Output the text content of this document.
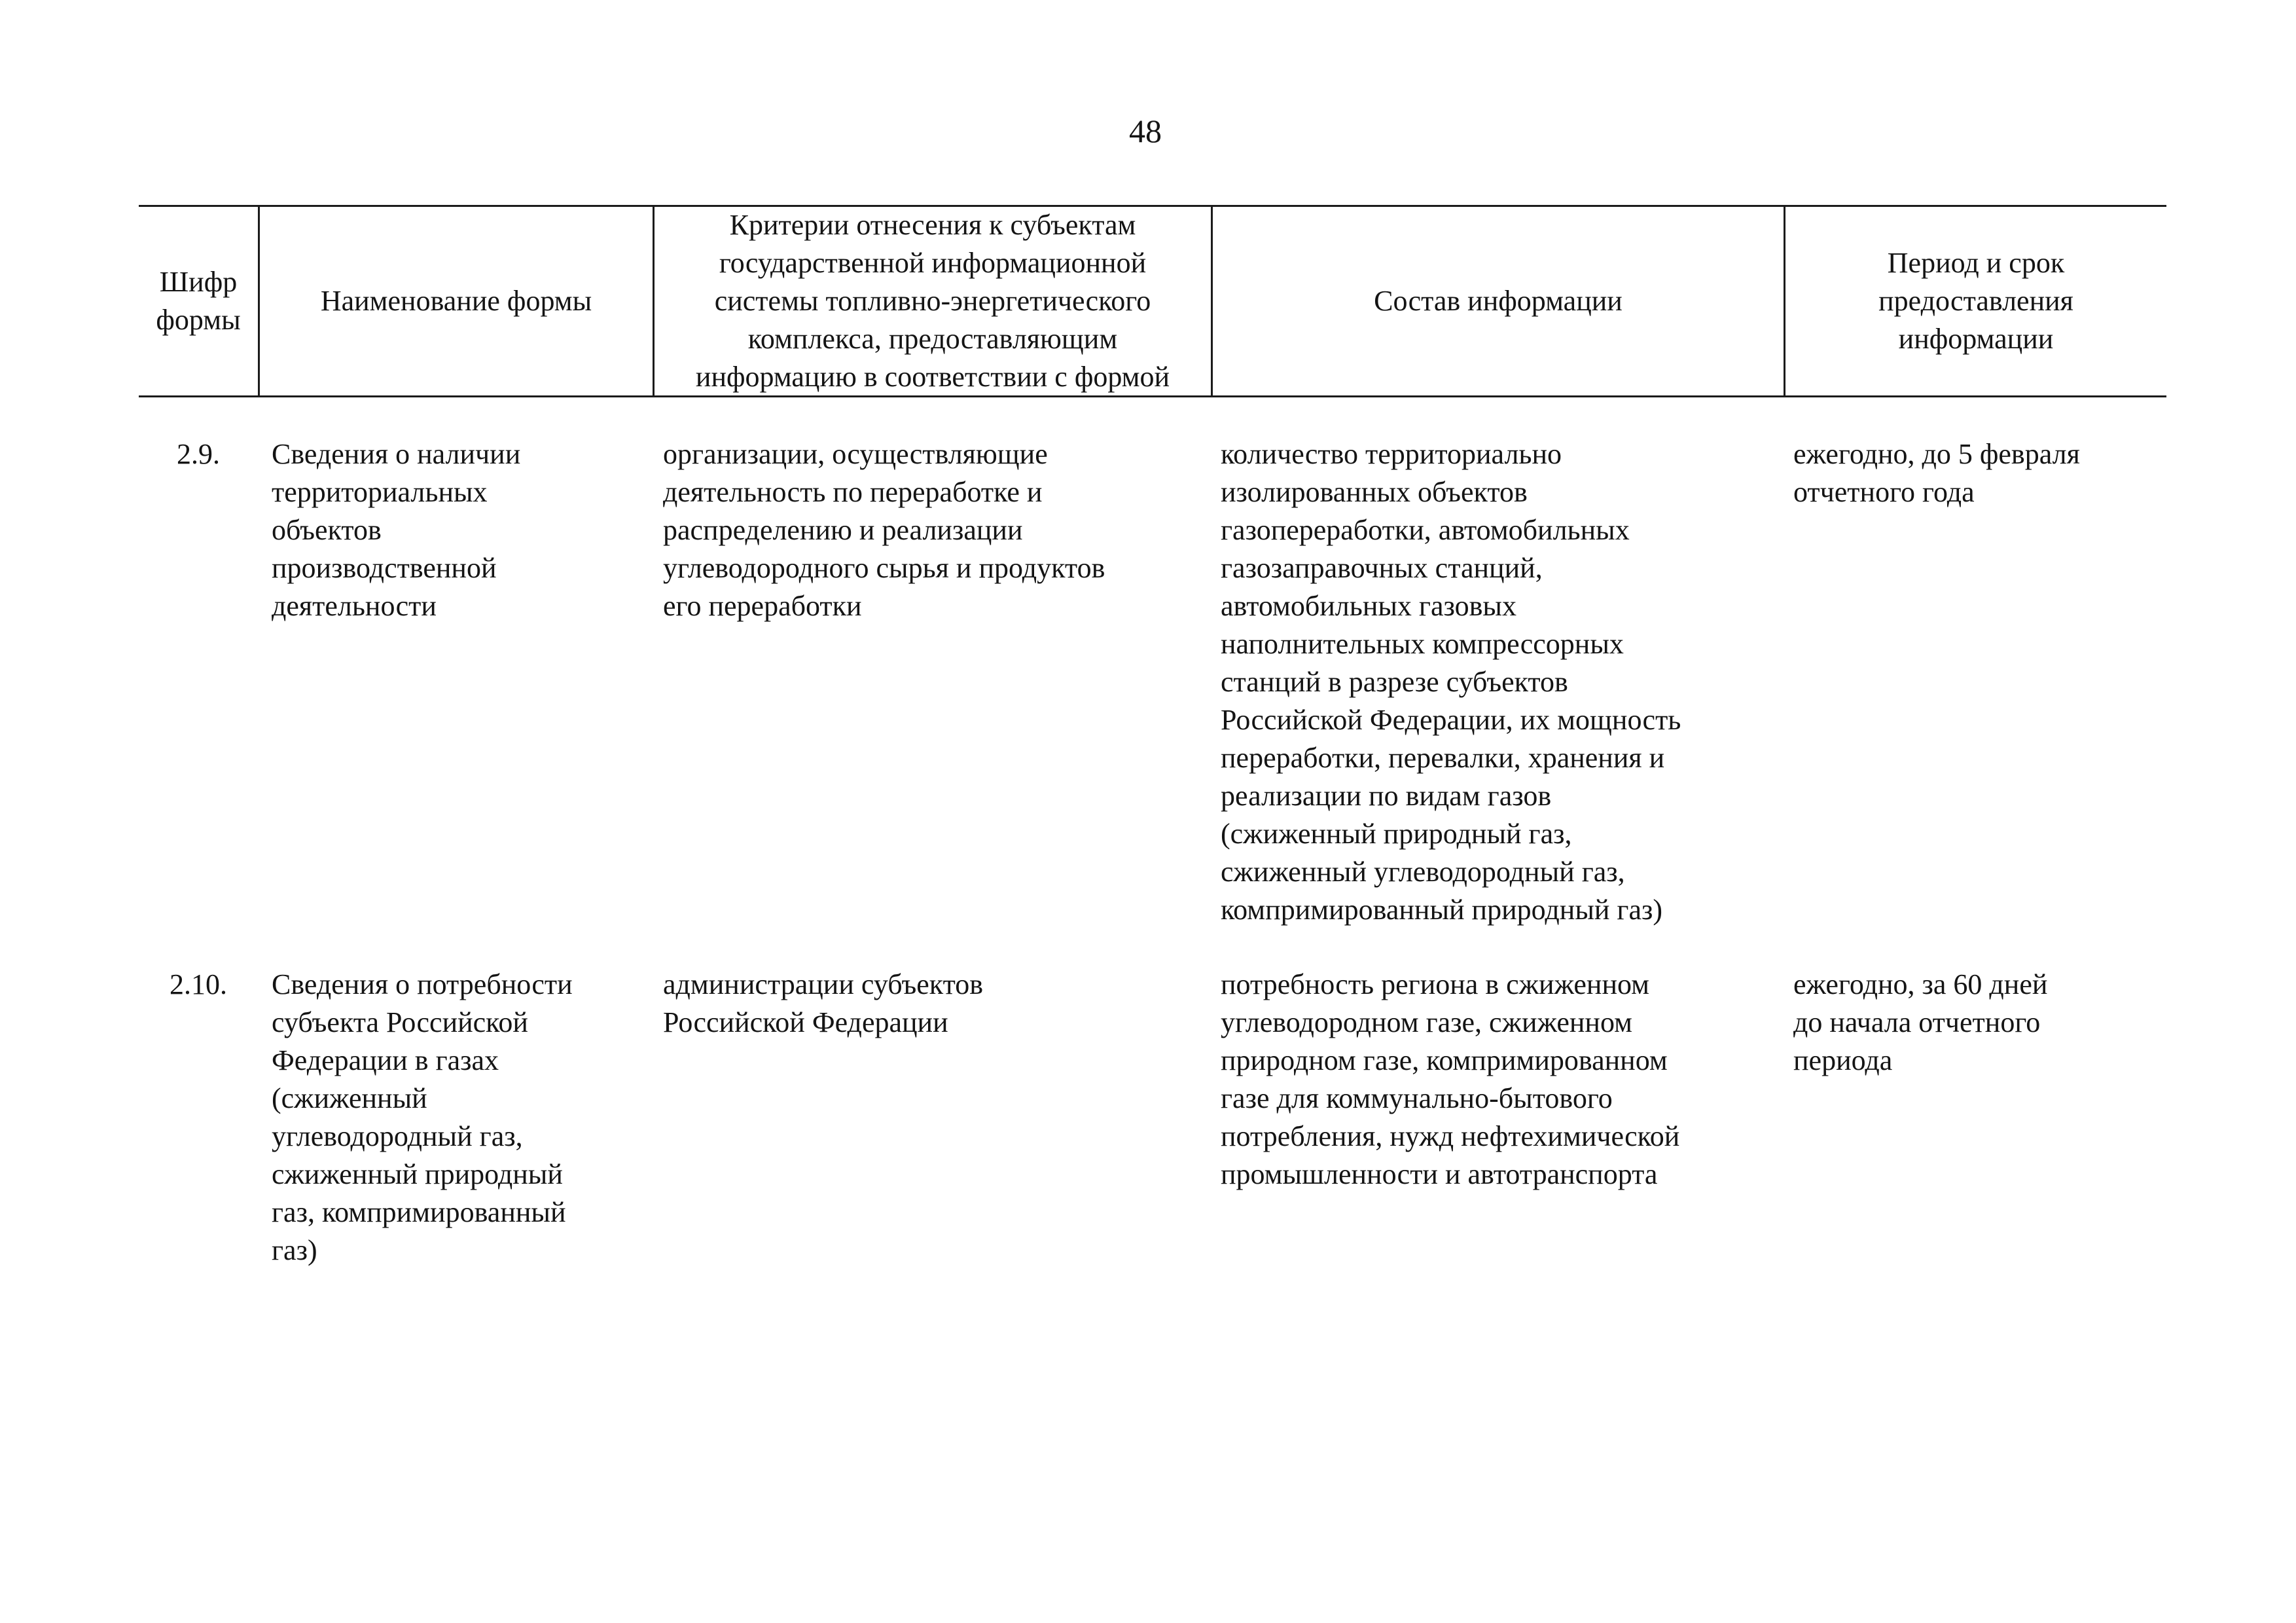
48
Шифр
формы
Наименование формы
Критерии отнесения к субъектам
государственной информационной
системы топливно-энергетического
комплекса, предоставляющим
информацию в соответствии с формой
Состав информации
Период и срок
предоставления
информации
2.9.	Сведения о наличии
территориальных
объектов
производственной
деятельности
организации, осуществляющие
деятельность по переработке и
распределению и реализации
углеводородного сырья и продуктов
его переработки
количество территориально
изолированных объектов
газопереработки, автомобильных
газозаправочных станций,
автомобильных газовых
наполнительных компрессорных
станций в разрезе субъектов
Российской Федерации, их мощность
переработки, перевалки, хранения и
реализации по видам газов
(сжиженный природный газ,
сжиженный углеводородный газ,
компримированный природный газ)
ежегодно, до 5 февраля
отчетного года
2.10.	Сведения о потребности
субъекта Российской
Федерации в газах
(сжиженный
углеводородный газ,
сжиженный природный
газ, компримированный
газ)
администрации субъектов
Российской Федерации
потребность региона в сжиженном
углеводородном газе, сжиженном
природном газе, компримированном
газе для коммунально-бытового
потребления, нужд нефтехимической
промышленности и автотранспорта
ежегодно, за 60 дней
до начала отчетного
периода
